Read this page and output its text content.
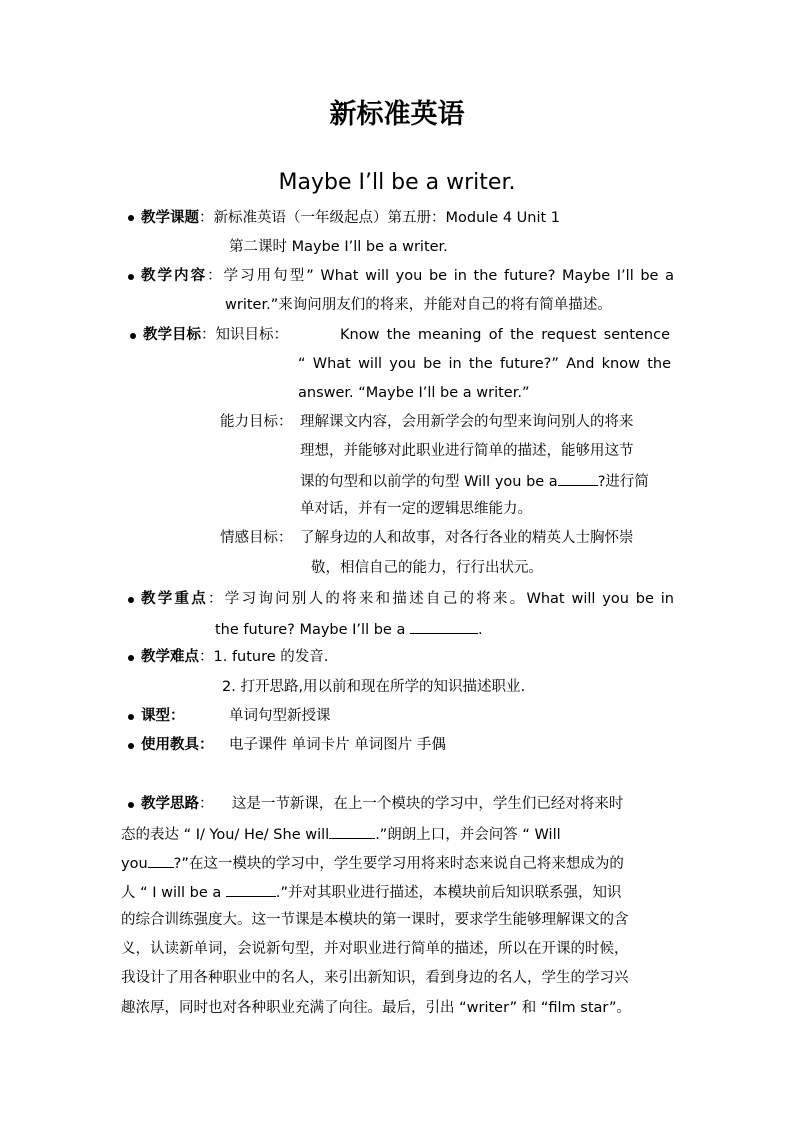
新标准英语
Maybe I’ll be a writer.
教学课题：新标准英语（一年级起点）第五册：Module 4 Unit 1
第二课时 Maybe I’ll be a writer.
教学内容：学习用句型” What will you be in the future? Maybe I’ll be a
writer.”来询问朋友们的将来，并能对自己的将有简单描述。
教学目标：知识目标：	Know the meaning of the request sentence
“ What will you be in the future?” And know the
answer. “Maybe I’ll be a writer.”
能力目标： 理解课文内容，会用新学会的句型来询问别人的将来
理想，并能够对此职业进行简单的描述，能够用这节
课的句型和以前学的句型 Will you be a	?进行简
单对话，并有一定的逻辑思维能力。
情感目标： 了解身边的人和故事，对各行各业的精英人士胸怀崇
敬，相信自己的能力，行行出状元。
教学重点：学习询问别人的将来和描述自己的将来。What will you be in
the future? Maybe I’ll be a	.
教学难点：1. future 的发音.
2. 打开思路,用以前和现在所学的知识描述职业.
课型：	单词句型新授课
使用教具： 电子课件 单词卡片 单词图片 手偶
教学思路：    这是一节新课，在上一个模块的学习中，学生们已经对将来时
态的表达 “ I/ You/ He/ She will	.”朗朗上口，并会问答 “ Will
you ?”在这一模块的学习中，学生要学习用将来时态来说自己将来想成为的
人 “ I will be a	.”并对其职业进行描述，本模块前后知识联系强，知识
的综合训练强度大。这一节课是本模块的第一课时，要求学生能够理解课文的含
义，认读新单词，会说新句型，并对职业进行简单的描述，所以在开课的时候，
我设计了用各种职业中的名人，来引出新知识，看到身边的名人，学生的学习兴
趣浓厚，同时也对各种职业充满了向往。最后，引出 “writer” 和 “film star”。
